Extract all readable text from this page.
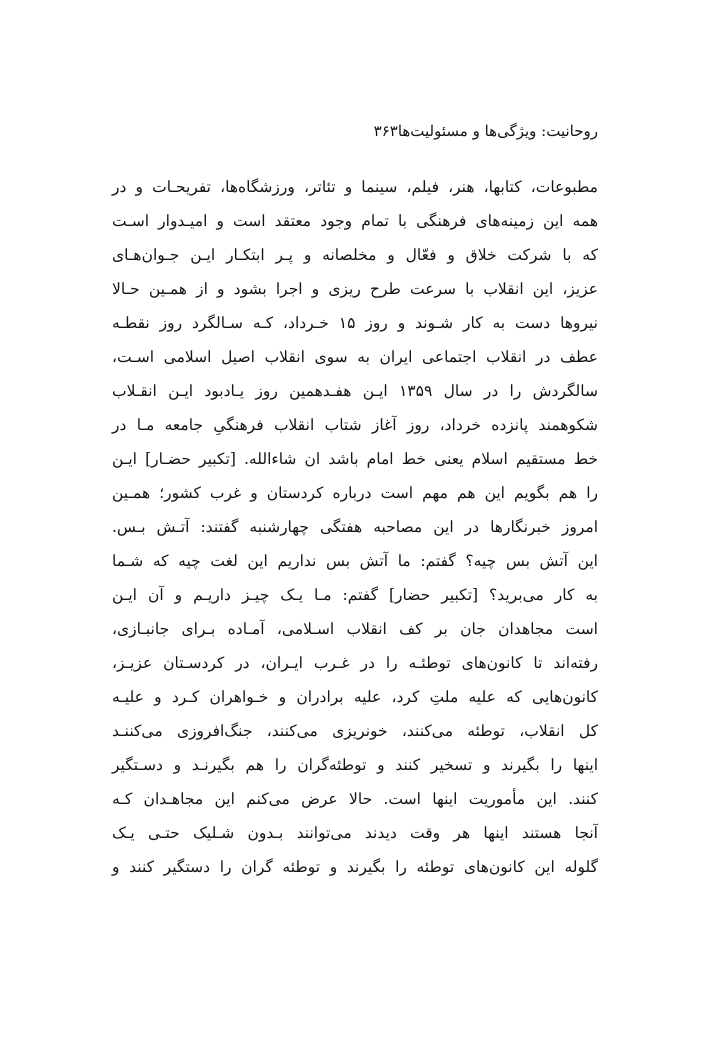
روحانیت: ویژگی‌ها و مسئولیت‌ها۳۶۳
مطبوعات، کتابها، هنر، فیلم، سینما و تئاتر، ورزشگاه‌ها، تفریحـات و در
همه این زمینه‌های فرهنگی با تمام وجود معتقد است و امیـدوار اسـت
که با شرکت خلاق و فعّال و مخلصانه و پـر ابتکـار ایـن جـوان‌هـای
عزیز، این انقلاب با سرعت طرح ریزی و اجرا بشود و از همـین حـالا
نیروها دست به کار شـوند و روز ۱۵ خـرداد، کـه سـالگرد روز نقطـه
عطف در انقلاب اجتماعی ایران به سوی انقلاب اصیل اسلامی اسـت،
سالگردش را در سال ۱۳۵۹ ایـن هفـدهمین روز یـادبود ایـن انقـلاب
شکوهمند پانزده خرداد، روز آغاز شتاب انقلاب فرهنگیِ جامعه مـا در
خط مستقیم اسلام یعنی خط امام باشد ان شاءالله. [تکبیر حضـار] ایـن
را هم بگویم این هم مهم است درباره کردستان و غرب کشور؛ همـین
امروز خبرنگارها در این مصاحبه هفتگی چهارشنبه گفتند: آتـش بـس.
این آتش بس چیه؟ گفتم: ما آتش بس نداریم این لغت چیه که شـما
به کار می‌برید؟ [تکبیر حضار] گفتم: مـا یـک چیـز داریـم و آن ایـن
است مجاهدان جان بر کف انقلاب اسـلامی، آمـاده بـرای جانبـازی،
رفته‌اند تا کانون‌های توطئـه را در غـرب ایـران، در کردسـتان عزیـز،
کانون‌هایی که علیه ملتِ کرد، علیه برادران و خـواهران کـرد و علیـه
کل انقلاب، توطئه می‌کنند، خونریزی می‌کنند، جنگ‌افروزی می‌کننـد
اینها را بگیرند و تسخیر کنند و توطئه‌گران را هم بگیرنـد و دسـتگیر
کنند. این مأموریت اینها است. حالا عرض می‌کنم این مجاهـدان کـه
آنجا هستند اینها هر وقت دیدند می‌توانند بـدون شـلیک حتـی یـک
گلوله این کانون‌های توطئه را بگیرند و توطئه گران را دستگیر کنند و
